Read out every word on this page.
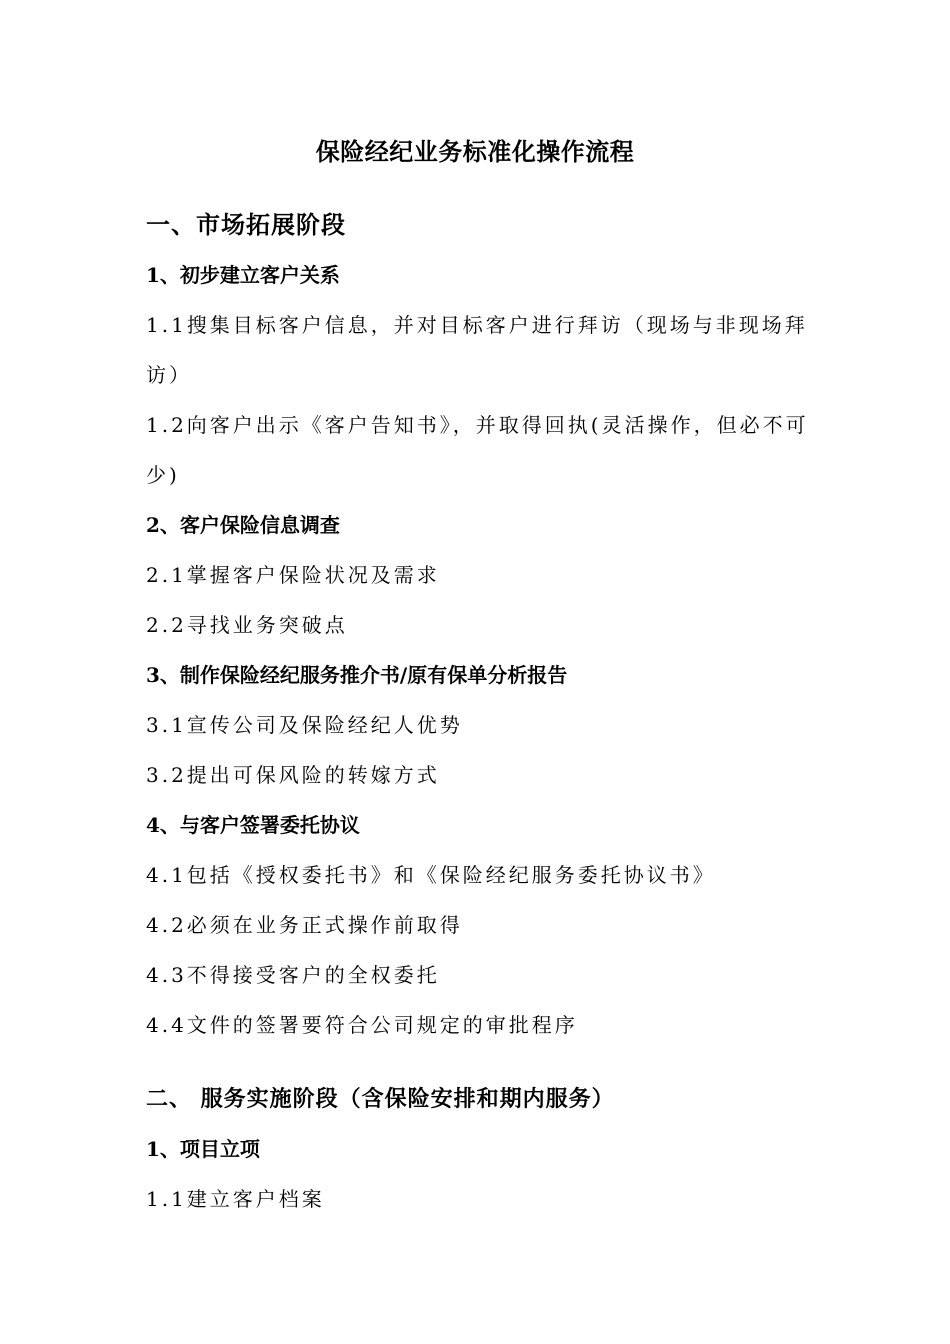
保险经纪业务标准化操作流程

一、市场拓展阶段

1、初步建立客户关系

1.1搜集目标客户信息，并对目标客户进行拜访（现场与非现场拜

访）

1.2向客户出示《客户告知书》，并取得回执(灵活操作，但必不可

少)

2、客户保险信息调查

2.1掌握客户保险状况及需求

2.2寻找业务突破点

3、制作保险经纪服务推介书/原有保单分析报告

3.1宣传公司及保险经纪人优势

3.2提出可保风险的转嫁方式

4、与客户签署委托协议

4.1包括《授权委托书》和《保险经纪服务委托协议书》

4.2必须在业务正式操作前取得

4.3不得接受客户的全权委托

4.4文件的签署要符合公司规定的审批程序

二、 服务实施阶段（含保险安排和期内服务）

1、项目立项

1.1建立客户档案
